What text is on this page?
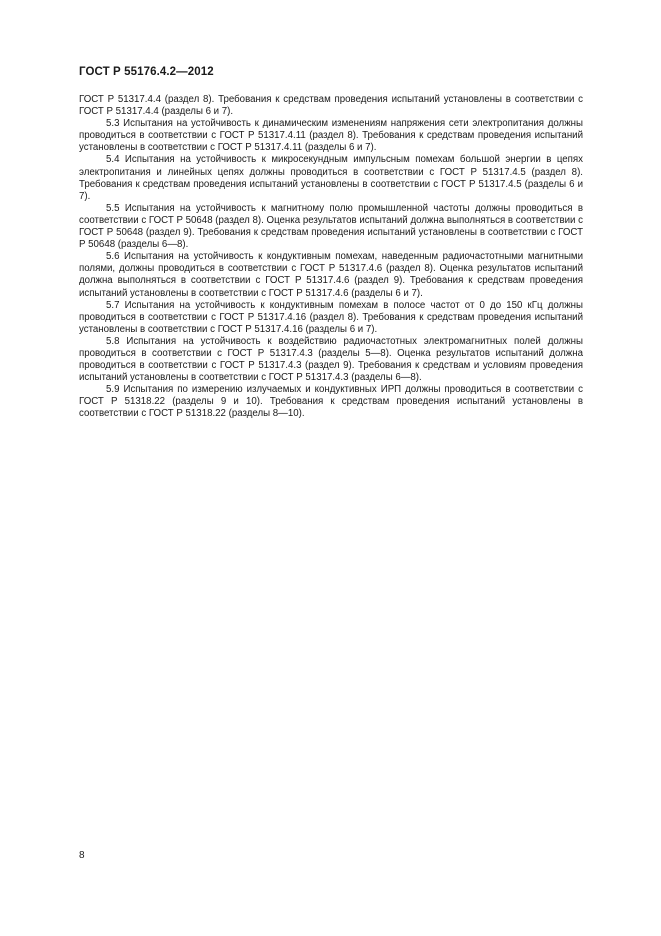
ГОСТ Р 55176.4.2—2012

ГОСТ Р 51317.4.4 (раздел 8). Требования к средствам проведения испытаний установлены в соответствии с ГОСТ Р 51317.4.4 (разделы 6 и 7).

5.3 Испытания на устойчивость к динамическим изменениям напряжения сети электропитания должны проводиться в соответствии с ГОСТ Р 51317.4.11 (раздел 8). Требования к средствам проведения испытаний установлены в соответствии с ГОСТ Р 51317.4.11 (разделы 6 и 7).

5.4 Испытания на устойчивость к микросекундным импульсным помехам большой энергии в цепях электропитания и линейных цепях должны проводиться в соответствии с ГОСТ Р 51317.4.5 (раздел 8). Требования к средствам проведения испытаний установлены в соответствии с ГОСТ Р 51317.4.5 (разделы 6 и 7).

5.5 Испытания на устойчивость к магнитному полю промышленной частоты должны проводиться в соответствии с ГОСТ Р 50648 (раздел 8). Оценка результатов испытаний должна выполняться в соответствии с ГОСТ Р 50648 (раздел 9). Требования к средствам проведения испытаний установлены в соответствии с ГОСТ Р 50648 (разделы 6—8).

5.6 Испытания на устойчивость к кондуктивным помехам, наведенным радиочастотными магнитными полями, должны проводиться в соответствии с ГОСТ Р 51317.4.6 (раздел 8). Оценка результатов испытаний должна выполняться в соответствии с ГОСТ Р 51317.4.6 (раздел 9). Требования к средствам проведения испытаний установлены в соответствии с ГОСТ Р 51317.4.6 (разделы 6 и 7).

5.7 Испытания на устойчивость к кондуктивным помехам в полосе частот от 0 до 150 кГц должны проводиться в соответствии с ГОСТ Р 51317.4.16 (раздел 8). Требования к средствам проведения испытаний установлены в соответствии с ГОСТ Р 51317.4.16 (разделы 6 и 7).

5.8 Испытания на устойчивость к воздействию радиочастотных электромагнитных полей должны проводиться в соответствии с ГОСТ Р 51317.4.3 (разделы 5—8). Оценка результатов испытаний должна проводиться в соответствии с ГОСТ Р 51317.4.3 (раздел 9). Требования к средствам и условиям проведения испытаний установлены в соответствии с ГОСТ Р 51317.4.3 (разделы 6—8).

5.9 Испытания по измерению излучаемых и кондуктивных ИРП должны проводиться в соответствии с ГОСТ Р 51318.22 (разделы 9 и 10). Требования к средствам проведения испытаний установлены в соответствии с ГОСТ Р 51318.22 (разделы 8—10).

8
